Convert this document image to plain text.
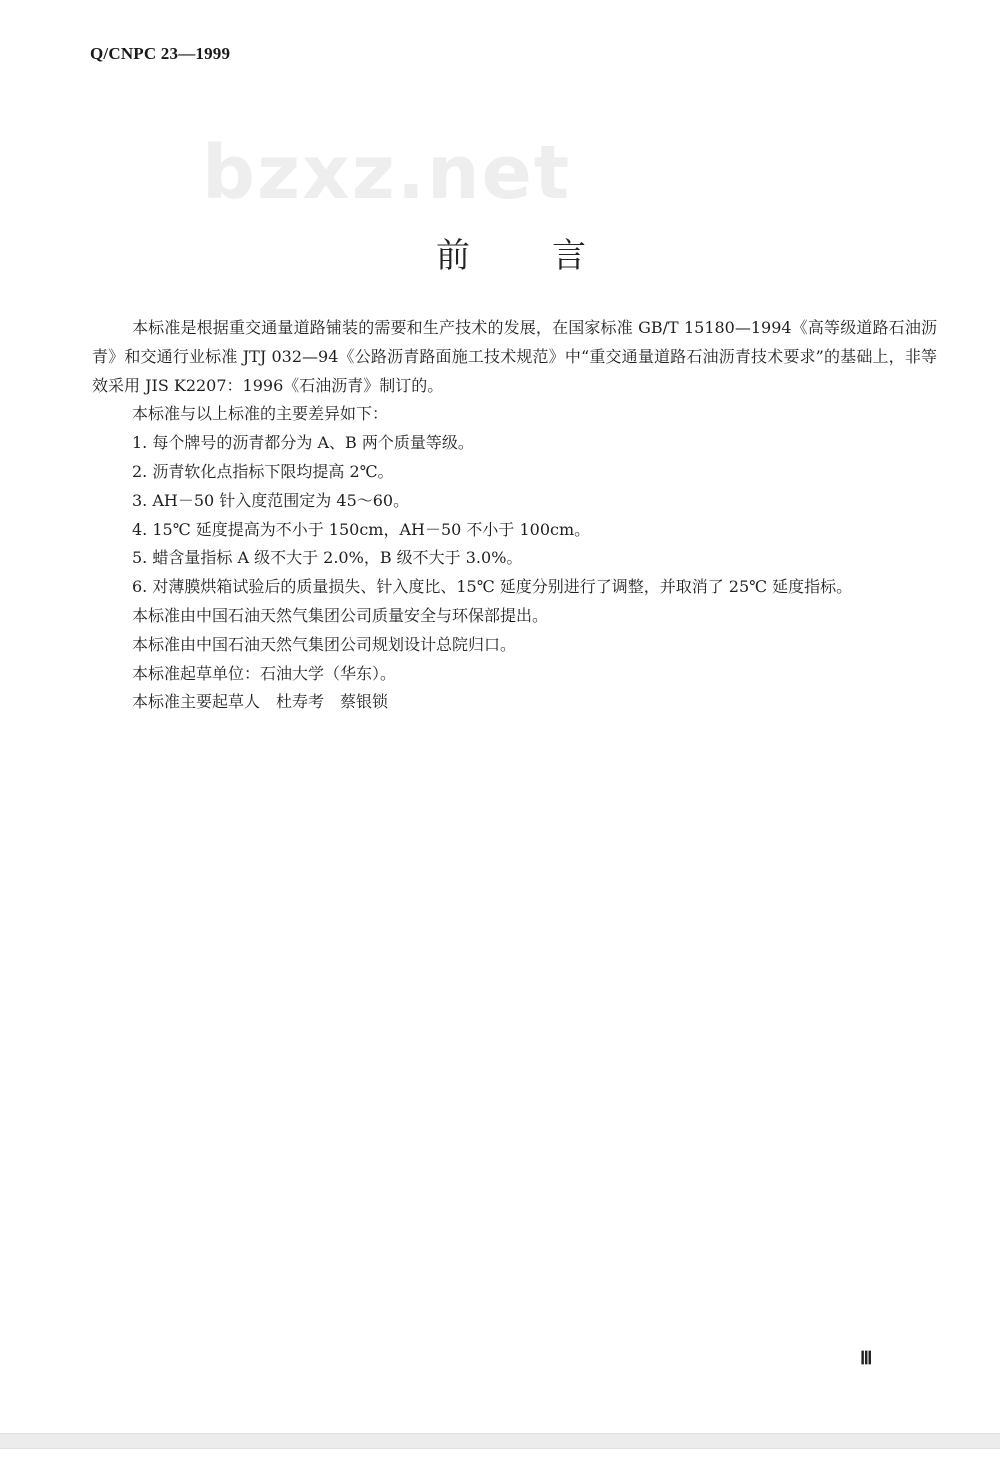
Q/CNPC 23—1999
bzxz.net
前言

本标准是根据重交通量道路铺装的需要和生产技术的发展，在国家标准 GB/T 15180—1994《高等级道路石油沥青》和交通行业标准 JTJ 032—94《公路沥青路面施工技术规范》中“重交通量道路石油沥青技术要求”的基础上，非等效采用 JIS K2207：1996《石油沥青》制订的。

本标准与以上标准的主要差异如下：

1. 每个牌号的沥青都分为 A、B 两个质量等级。

2. 沥青软化点指标下限均提高 2℃。

3. AH－50 针入度范围定为 45～60。

4. 15℃ 延度提高为不小于 150cm，AH－50 不小于 100cm。

5. 蜡含量指标 A 级不大于 2.0%，B 级不大于 3.0%。

6. 对薄膜烘箱试验后的质量损失、针入度比、15℃ 延度分别进行了调整，并取消了 25℃ 延度指标。

本标准由中国石油天然气集团公司质量安全与环保部提出。

本标准由中国石油天然气集团公司规划设计总院归口。

本标准起草单位：石油大学（华东）。

本标准主要起草人　杜寿考　蔡银锁

Ⅲ
